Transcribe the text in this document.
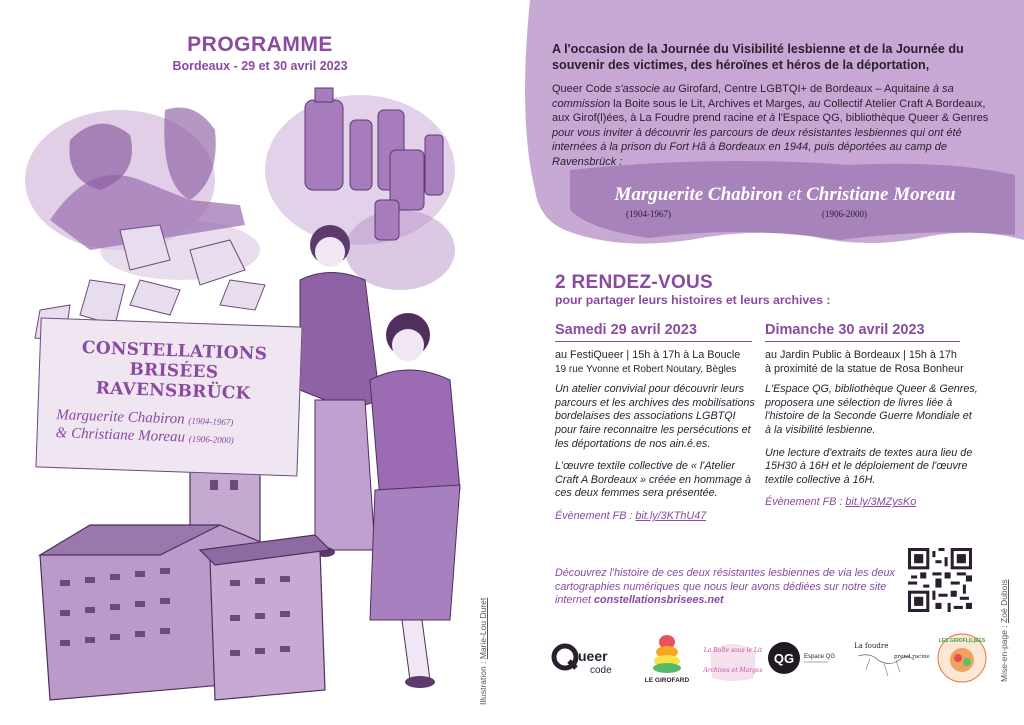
PROGRAMME
Bordeaux - 29 et 30 avril 2023
CONSTELLATIONS BRISÉES
RAVENSBRÜCK
Marguerite Chabiron (1904-1967)
& Christiane Moreau (1906-2000)
Illustration : Marie-Lou Duret
A l'occasion de la Journée du Visibilité lesbienne et de la Journée du souvenir des victimes, des héroïnes et héros de la déportation,
Queer Code s'associe au Girofard, Centre LGBTQI+ de Bordeaux – Aquitaine à sa commission la Boite sous le Lit, Archives et Marges, au Collectif Atelier Craft A Bordeaux, aux Girof(l)ées, à La Foudre prend racine et à l'Espace QG, bibliothèque Queer & Genres pour vous inviter à découvrir les parcours de deux résistantes lesbiennes qui ont été internées à la prison du Fort Hâ à Bordeaux en 1944, puis déportées au camp de Ravensbrück :
Marguerite Chabiron et Christiane Moreau
(1904-1967)	(1906-2000)
2 RENDEZ-VOUS
pour partager leurs histoires et leurs archives :
Samedi 29 avril 2023	Dimanche 30 avril 2023

au FestiQueer | 15h à 17h à La Boucle
19 rue Yvonne et Robert Noutary, Bègles

Un atelier convivial pour découvrir leurs parcours et les archives des mobilisations bordelaises des associations LGBTQI pour faire reconnaitre les persécutions et les déportations de nos ain.é.es.

L'œuvre textile collective de « l'Atelier Craft A Bordeaux » créée en hommage à ces deux femmes sera présentée.

Évènement FB : bit.ly/3KThU47

au Jardin Public à Bordeaux | 15h à 17h
à proximité de la statue de Rosa Bonheur

L'Espace QG, bibliothèque Queer & Genres, proposera une sélection de livres liée à l'histoire de la Seconde Guerre Mondiale et à la visibilité lesbienne.

Une lecture d'extraits de textes aura lieu de 15H30 à 16H et le déploiement de l'œuvre textile collective à 16H.

Évènement FB : bit.ly/3MZysKo

Découvrez l'histoire de ces deux résistantes lesbiennes de via les deux cartographies numériques que nous leur avons dédiées sur notre site internet constellationsbrisees.net
ueer
code
LE GIROFARD
La Boîte sous le Lit
Archives et Marges
QG Espace QG
La foudre
prend racine
LES GIROFL(L)ÉES Mise-en-page : Zoé Dubois
